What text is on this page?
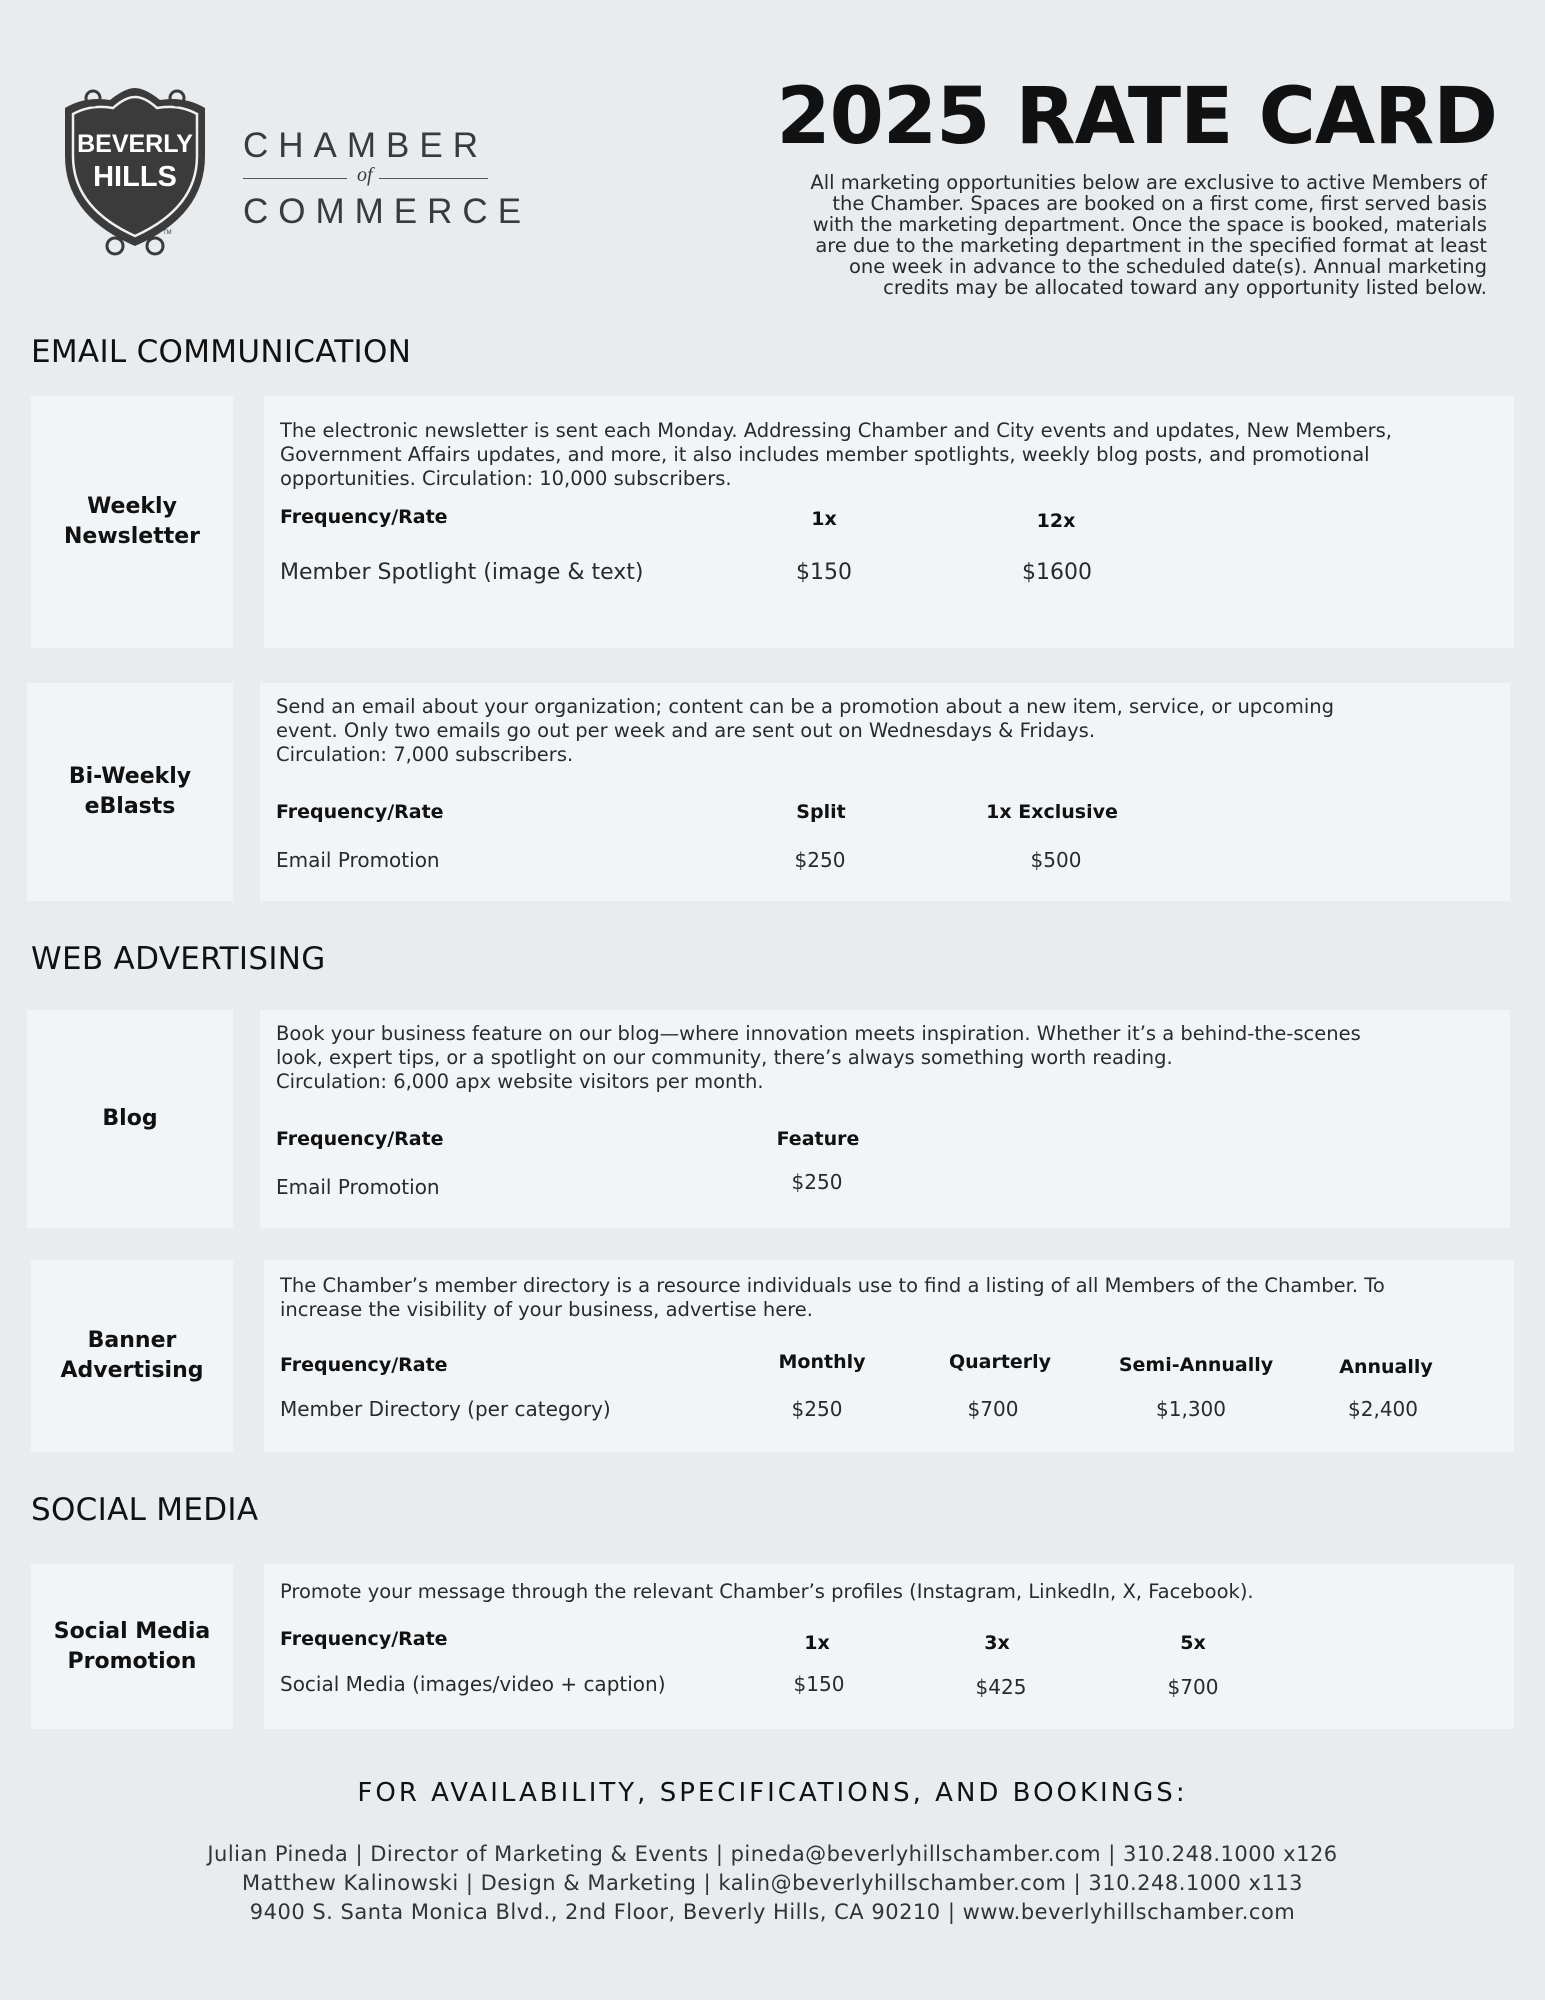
BEVERLY
HILLS
TM
CHAMBER
of
COMMERCE
2025 RATE CARD
All marketing opportunities below are exclusive to active Members of
the Chamber. Spaces are booked on a first come, first served basis
with the marketing department. Once the space is booked, materials
are due to the marketing department in the specified format at least
one week in advance to the scheduled date(s). Annual marketing
credits may be allocated toward any opportunity listed below.
EMAIL COMMUNICATION
Weekly
Newsletter
The electronic newsletter is sent each Monday. Addressing Chamber and City events and updates, New Members,
Government Affairs updates, and more, it also includes member spotlights, weekly blog posts, and promotional
opportunities. Circulation: 10,000 subscribers.
Frequency/Rate	1x	12x
Member Spotlight (image & text)	$150	$1600
Bi-Weekly
eBlasts
Send an email about your organization; content can be a promotion about a new item, service, or upcoming
event. Only two emails go out per week and are sent out on Wednesdays & Fridays.
Circulation: 7,000 subscribers.
Frequency/Rate	Split	1x Exclusive
Email Promotion	$250	$500
WEB ADVERTISING
Blog
Book your business feature on our blog—where innovation meets inspiration. Whether it’s a behind-the-scenes
look, expert tips, or a spotlight on our community, there’s always something worth reading.
Circulation: 6,000 apx website visitors per month.
Frequency/Rate	Feature
Email Promotion	$250
Banner
Advertising
The Chamber’s member directory is a resource individuals use to find a listing of all Members of the Chamber. To
increase the visibility of your business, advertise here.
Frequency/Rate	Monthly	Quarterly	Semi-Annually	Annually
Member Directory (per category)	$250	$700	$1,300	$2,400
SOCIAL MEDIA
Social Media
Promotion
Promote your message through the relevant Chamber’s profiles (Instagram, LinkedIn, X, Facebook).
Frequency/Rate	1x	3x	5x
Social Media (images/video + caption)	$150	$425	$700
FOR AVAILABILITY, SPECIFICATIONS, AND BOOKINGS:
Julian Pineda | Director of Marketing & Events | pineda@beverlyhillschamber.com | 310.248.1000 x126
Matthew Kalinowski | Design & Marketing | kalin@beverlyhillschamber.com | 310.248.1000 x113
9400 S. Santa Monica Blvd., 2nd Floor, Beverly Hills, CA 90210 | www.beverlyhillschamber.com
